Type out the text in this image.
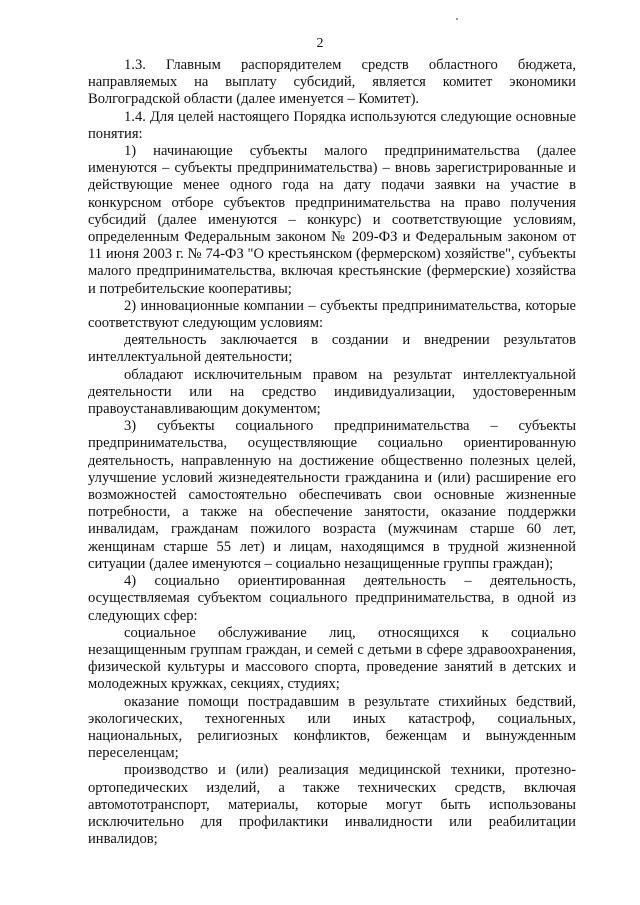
2

1.3. Главным распорядителем средств областного бюджета, направляемых на выплату субсидий, является комитет экономики Волгоградской области (далее именуется – Комитет).

1.4. Для целей настоящего Порядка используются следующие основные понятия:

1) начинающие субъекты малого предпринимательства (далее именуются – субъекты предпринимательства) – вновь зарегистрированные и действующие менее одного года на дату подачи заявки на участие в конкурсном отборе субъектов предпринимательства на право получения субсидий (далее именуются – конкурс) и соответствующие условиям, определенным Федеральным законом № 209-ФЗ и Федеральным законом от 11 июня 2003 г. № 74-ФЗ "О крестьянском (фермерском) хозяйстве", субъекты малого предпринимательства, включая крестьянские (фермерские) хозяйства и потребительские кооперативы;

2) инновационные компании – субъекты предпринимательства, которые соответствуют следующим условиям:

деятельность заключается в создании и внедрении результатов интеллектуальной деятельности;

обладают исключительным правом на результат интеллектуальной деятельности или на средство индивидуализации, удостоверенным правоустанавливающим документом;

3) субъекты социального предпринимательства – субъекты предпринимательства, осуществляющие социально ориентированную деятельность, направленную на достижение общественно полезных целей, улучшение условий жизнедеятельности гражданина и (или) расширение его возможностей самостоятельно обеспечивать свои основные жизненные потребности, а также на обеспечение занятости, оказание поддержки инвалидам, гражданам пожилого возраста (мужчинам старше 60 лет, женщинам старше 55 лет) и лицам, находящимся в трудной жизненной ситуации (далее именуются – социально незащищенные группы граждан);

4) социально ориентированная деятельность – деятельность, осуществляемая субъектом социального предпринимательства, в одной из следующих сфер:

социальное обслуживание лиц, относящихся к социально незащищенным группам граждан, и семей с детьми в сфере здравоохранения, физической культуры и массового спорта, проведение занятий в детских и молодежных кружках, секциях, студиях;

оказание помощи пострадавшим в результате стихийных бедствий, экологических, техногенных или иных катастроф, социальных, национальных, религиозных конфликтов, беженцам и вынужденным переселенцам;

производство и (или) реализация медицинской техники, протезно-ортопедических изделий, а также технических средств, включая автомототранспорт, материалы, которые могут быть использованы исключительно для профилактики инвалидности или реабилитации инвалидов;
